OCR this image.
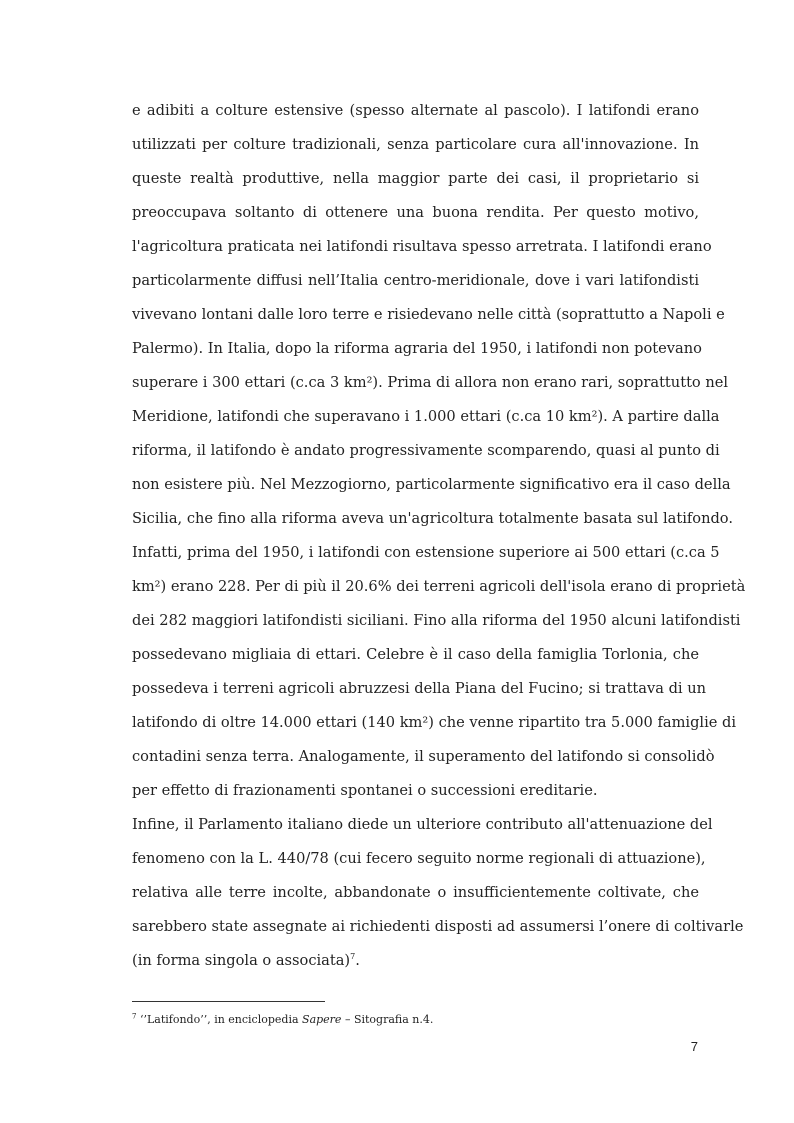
e adibiti a colture estensive (spesso alternate al pascolo). I latifondi erano
utilizzati per colture tradizionali, senza particolare cura all'innovazione. In
queste realtà produttive, nella maggior parte dei casi, il proprietario si
preoccupava soltanto di ottenere una buona rendita. Per questo motivo,
l'agricoltura praticata nei latifondi risultava spesso arretrata. I latifondi erano
particolarmente diffusi nell’Italia centro-meridionale, dove i vari latifondisti
vivevano lontani dalle loro terre e risiedevano nelle città (soprattutto a Napoli e
Palermo). In Italia, dopo la riforma agraria del 1950, i latifondi non potevano
superare i 300 ettari (c.ca 3 km²). Prima di allora non erano rari, soprattutto nel
Meridione, latifondi che superavano i 1.000 ettari (c.ca 10 km²). A partire dalla
riforma, il latifondo è andato progressivamente scomparendo, quasi al punto di
non esistere più. Nel Mezzogiorno, particolarmente significativo era il caso della
Sicilia, che fino alla riforma aveva un'agricoltura totalmente basata sul latifondo.
Infatti, prima del 1950, i latifondi con estensione superiore ai 500 ettari (c.ca 5
km²) erano 228. Per di più il 20.6% dei terreni agricoli dell'isola erano di proprietà
dei 282 maggiori latifondisti siciliani. Fino alla riforma del 1950 alcuni latifondisti
possedevano migliaia di ettari. Celebre è il caso della famiglia Torlonia, che
possedeva i terreni agricoli abruzzesi della Piana del Fucino; si trattava di un
latifondo di oltre 14.000 ettari (140 km²) che venne ripartito tra 5.000 famiglie di
contadini senza terra. Analogamente, il superamento del latifondo si consolidò
per effetto di frazionamenti spontanei o successioni ereditarie.
Infine, il Parlamento italiano diede un ulteriore contributo all'attenuazione del
fenomeno con la L. 440/78 (cui fecero seguito norme regionali di attuazione),
relativa alle terre incolte, abbandonate o insufficientemente coltivate, che
sarebbero state assegnate ai richiedenti disposti ad assumersi l’onere di coltivarle
(in forma singola o associata)$^7$.
$^7$ ‘’Latifondo’’, in enciclopedia Sapere – Sitografia n.4.
7
